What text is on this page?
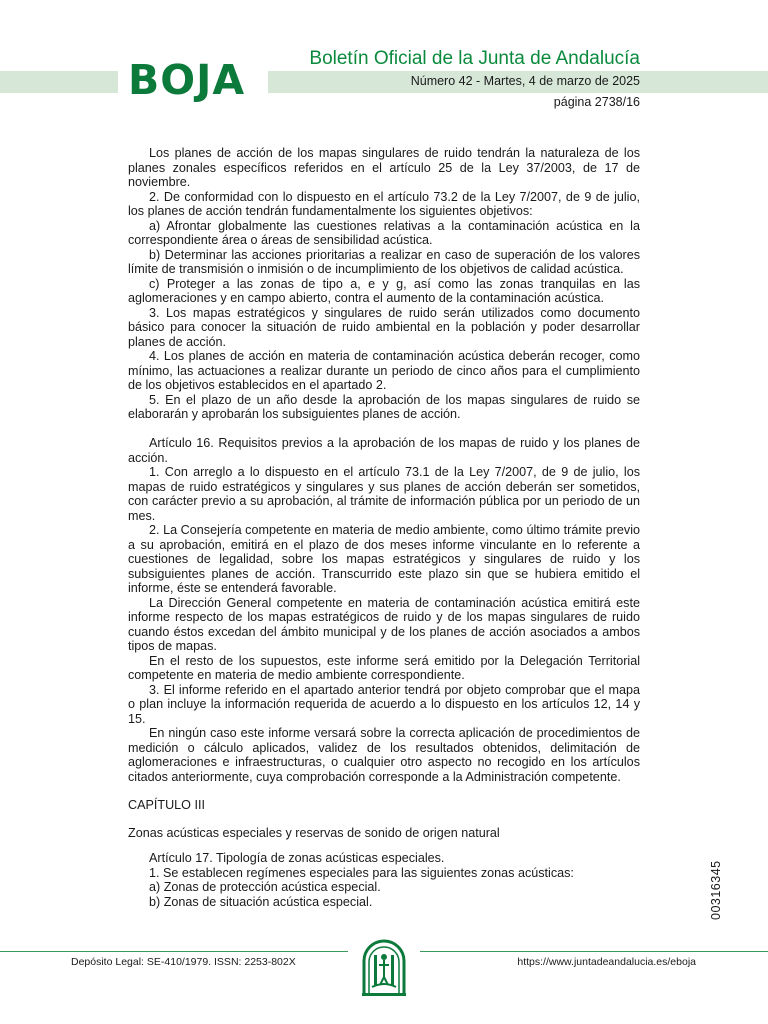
BOJA	Boletín Oficial de la Junta de Andalucía
Número 42 - Martes, 4 de marzo de 2025
página 2738/16

Los planes de acción de los mapas singulares de ruido tendrán la naturaleza de los planes zonales específicos referidos en el artículo 25 de la Ley 37/2003, de 17 de noviembre.

2. De conformidad con lo dispuesto en el artículo 73.2 de la Ley 7/2007, de 9 de julio, los planes de acción tendrán fundamentalmente los siguientes objetivos:

a) Afrontar globalmente las cuestiones relativas a la contaminación acústica en la correspondiente área o áreas de sensibilidad acústica.

b) Determinar las acciones prioritarias a realizar en caso de superación de los valores límite de transmisión o inmisión o de incumplimiento de los objetivos de calidad acústica.

c) Proteger a las zonas de tipo a, e y g, así como las zonas tranquilas en las aglomeraciones y en campo abierto, contra el aumento de la contaminación acústica.

3. Los mapas estratégicos y singulares de ruido serán utilizados como documento básico para conocer la situación de ruido ambiental en la población y poder desarrollar planes de acción.

4. Los planes de acción en materia de contaminación acústica deberán recoger, como mínimo, las actuaciones a realizar durante un periodo de cinco años para el cumplimiento de los objetivos establecidos en el apartado 2.

5. En el plazo de un año desde la aprobación de los mapas singulares de ruido se elaborarán y aprobarán los subsiguientes planes de acción.

Artículo 16. Requisitos previos a la aprobación de los mapas de ruido y los planes de acción.

1. Con arreglo a lo dispuesto en el artículo 73.1 de la Ley 7/2007, de 9 de julio, los mapas de ruido estratégicos y singulares y sus planes de acción deberán ser sometidos, con carácter previo a su aprobación, al trámite de información pública por un periodo de un mes.

2. La Consejería competente en materia de medio ambiente, como último trámite previo a su aprobación, emitirá en el plazo de dos meses informe vinculante en lo referente a cuestiones de legalidad, sobre los mapas estratégicos y singulares de ruido y los subsiguientes planes de acción. Transcurrido este plazo sin que se hubiera emitido el informe, éste se entenderá favorable.

La Dirección General competente en materia de contaminación acústica emitirá este informe respecto de los mapas estratégicos de ruido y de los mapas singulares de ruido cuando éstos excedan del ámbito municipal y de los planes de acción asociados a ambos tipos de mapas.

En el resto de los supuestos, este informe será emitido por la Delegación Territorial competente en materia de medio ambiente correspondiente.

3. El informe referido en el apartado anterior tendrá por objeto comprobar que el mapa o plan incluye la información requerida de acuerdo a lo dispuesto en los artículos 12, 14 y 15.

En ningún caso este informe versará sobre la correcta aplicación de procedimientos de medición o cálculo aplicados, validez de los resultados obtenidos, delimitación de aglomeraciones e infraestructuras, o cualquier otro aspecto no recogido en los artículos citados anteriormente, cuya comprobación corresponde a la Administración competente.

CAPÍTULO III

Zonas acústicas especiales y reservas de sonido de origen natural

Artículo 17. Tipología de zonas acústicas especiales.

1. Se establecen regímenes especiales para las siguientes zonas acústicas:

a) Zonas de protección acústica especial.

b) Zonas de situación acústica especial.	00316345
Depósito Legal: SE-410/1979. ISSN: 2253-802X	https://www.juntadeandalucia.es/eboja
